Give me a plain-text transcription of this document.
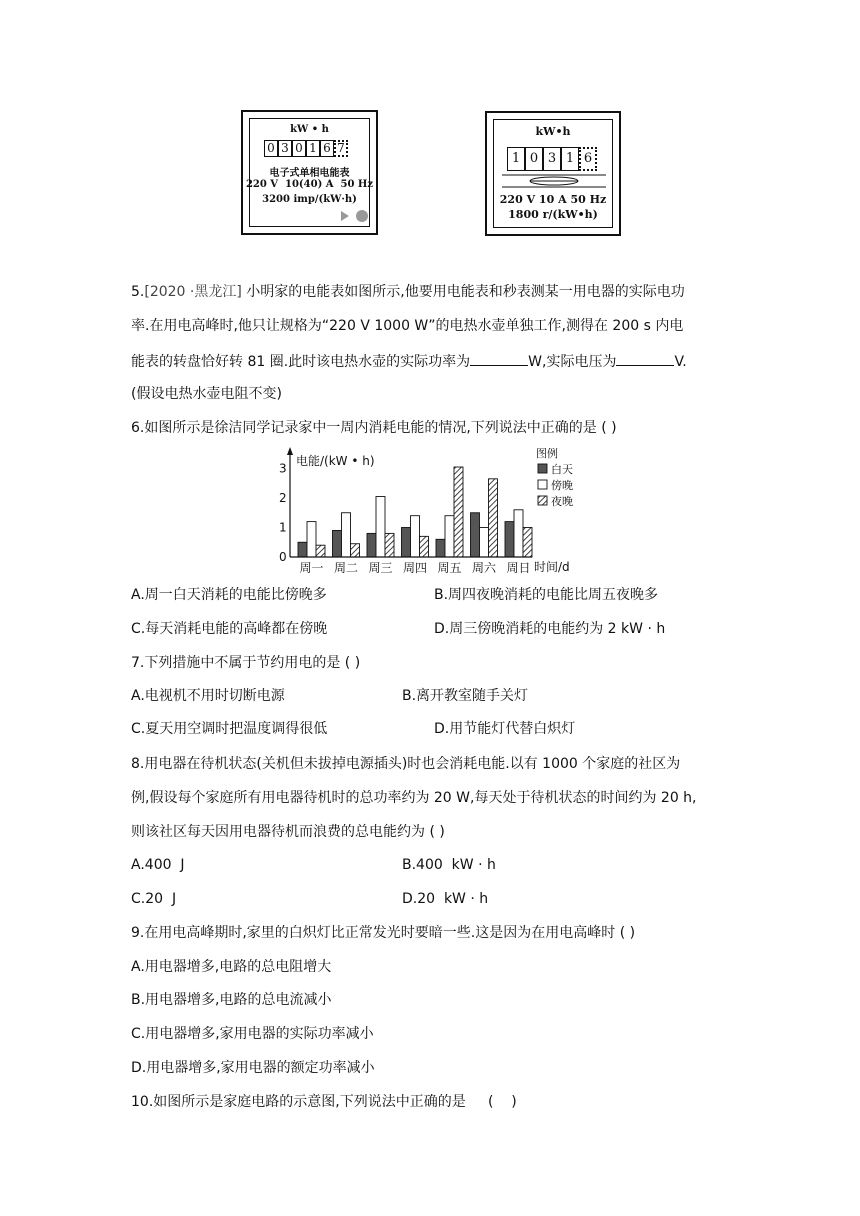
kW • h
0 3 0 1 6 7
电子式单相电能表
220 V  10(40) A  50 Hz
3200 imp/(kW·h)
kW•h
1 0 3 1 6
220 V 10 A 50 Hz
1800 r/(kW•h)
5.[2020 ·黑龙江] 小明家的电能表如图所示,他要用电能表和秒表测某一用电器的实际电功
率.在用电高峰时,他只让规格为“220 V 1000 W”的电热水壶单独工作,测得在 200 s 内电
能表的转盘恰好转 81 圈.此时该电热水壶的实际功率为	W,实际电压为	V.
(假设电热水壶电阻不变)
6.如图所示是徐洁同学记录家中一周内消耗电能的情况,下列说法中正确的是 ( )
0
1
2
3
周一 周二 周三 周四 周五 周六 周日
电能/(kW • h)
时间/d
图例
白天
傍晚
夜晚
A.周一白天消耗的电能比傍晚多	B.周四夜晚消耗的电能比周五夜晚多
C.每天消耗电能的高峰都在傍晚	D.周三傍晚消耗的电能约为 2 kW · h
7.下列措施中不属于节约用电的是 ( )
A.电视机不用时切断电源	B.离开教室随手关灯
C.夏天用空调时把温度调得很低	D.用节能灯代替白炽灯
8.用电器在待机状态(关机但未拔掉电源插头)时也会消耗电能.以有 1000 个家庭的社区为
例,假设每个家庭所有用电器待机时的总功率约为 20 W,每天处于待机状态的时间约为 20 h,
则该社区每天因用电器待机而浪费的总电能约为 ( )
A.400  J	B.400  kW · h
C.20  J	D.20  kW · h
9.在用电高峰期时,家里的白炽灯比正常发光时要暗一些.这是因为在用电高峰时 ( )
A.用电器增多,电路的总电阻增大
B.用电器增多,电路的总电流减小
C.用电器增多,家用电器的实际功率减小
D.用电器增多,家用电器的额定功率减小
10.如图所示是家庭电路的示意图,下列说法中正确的是     (    )
